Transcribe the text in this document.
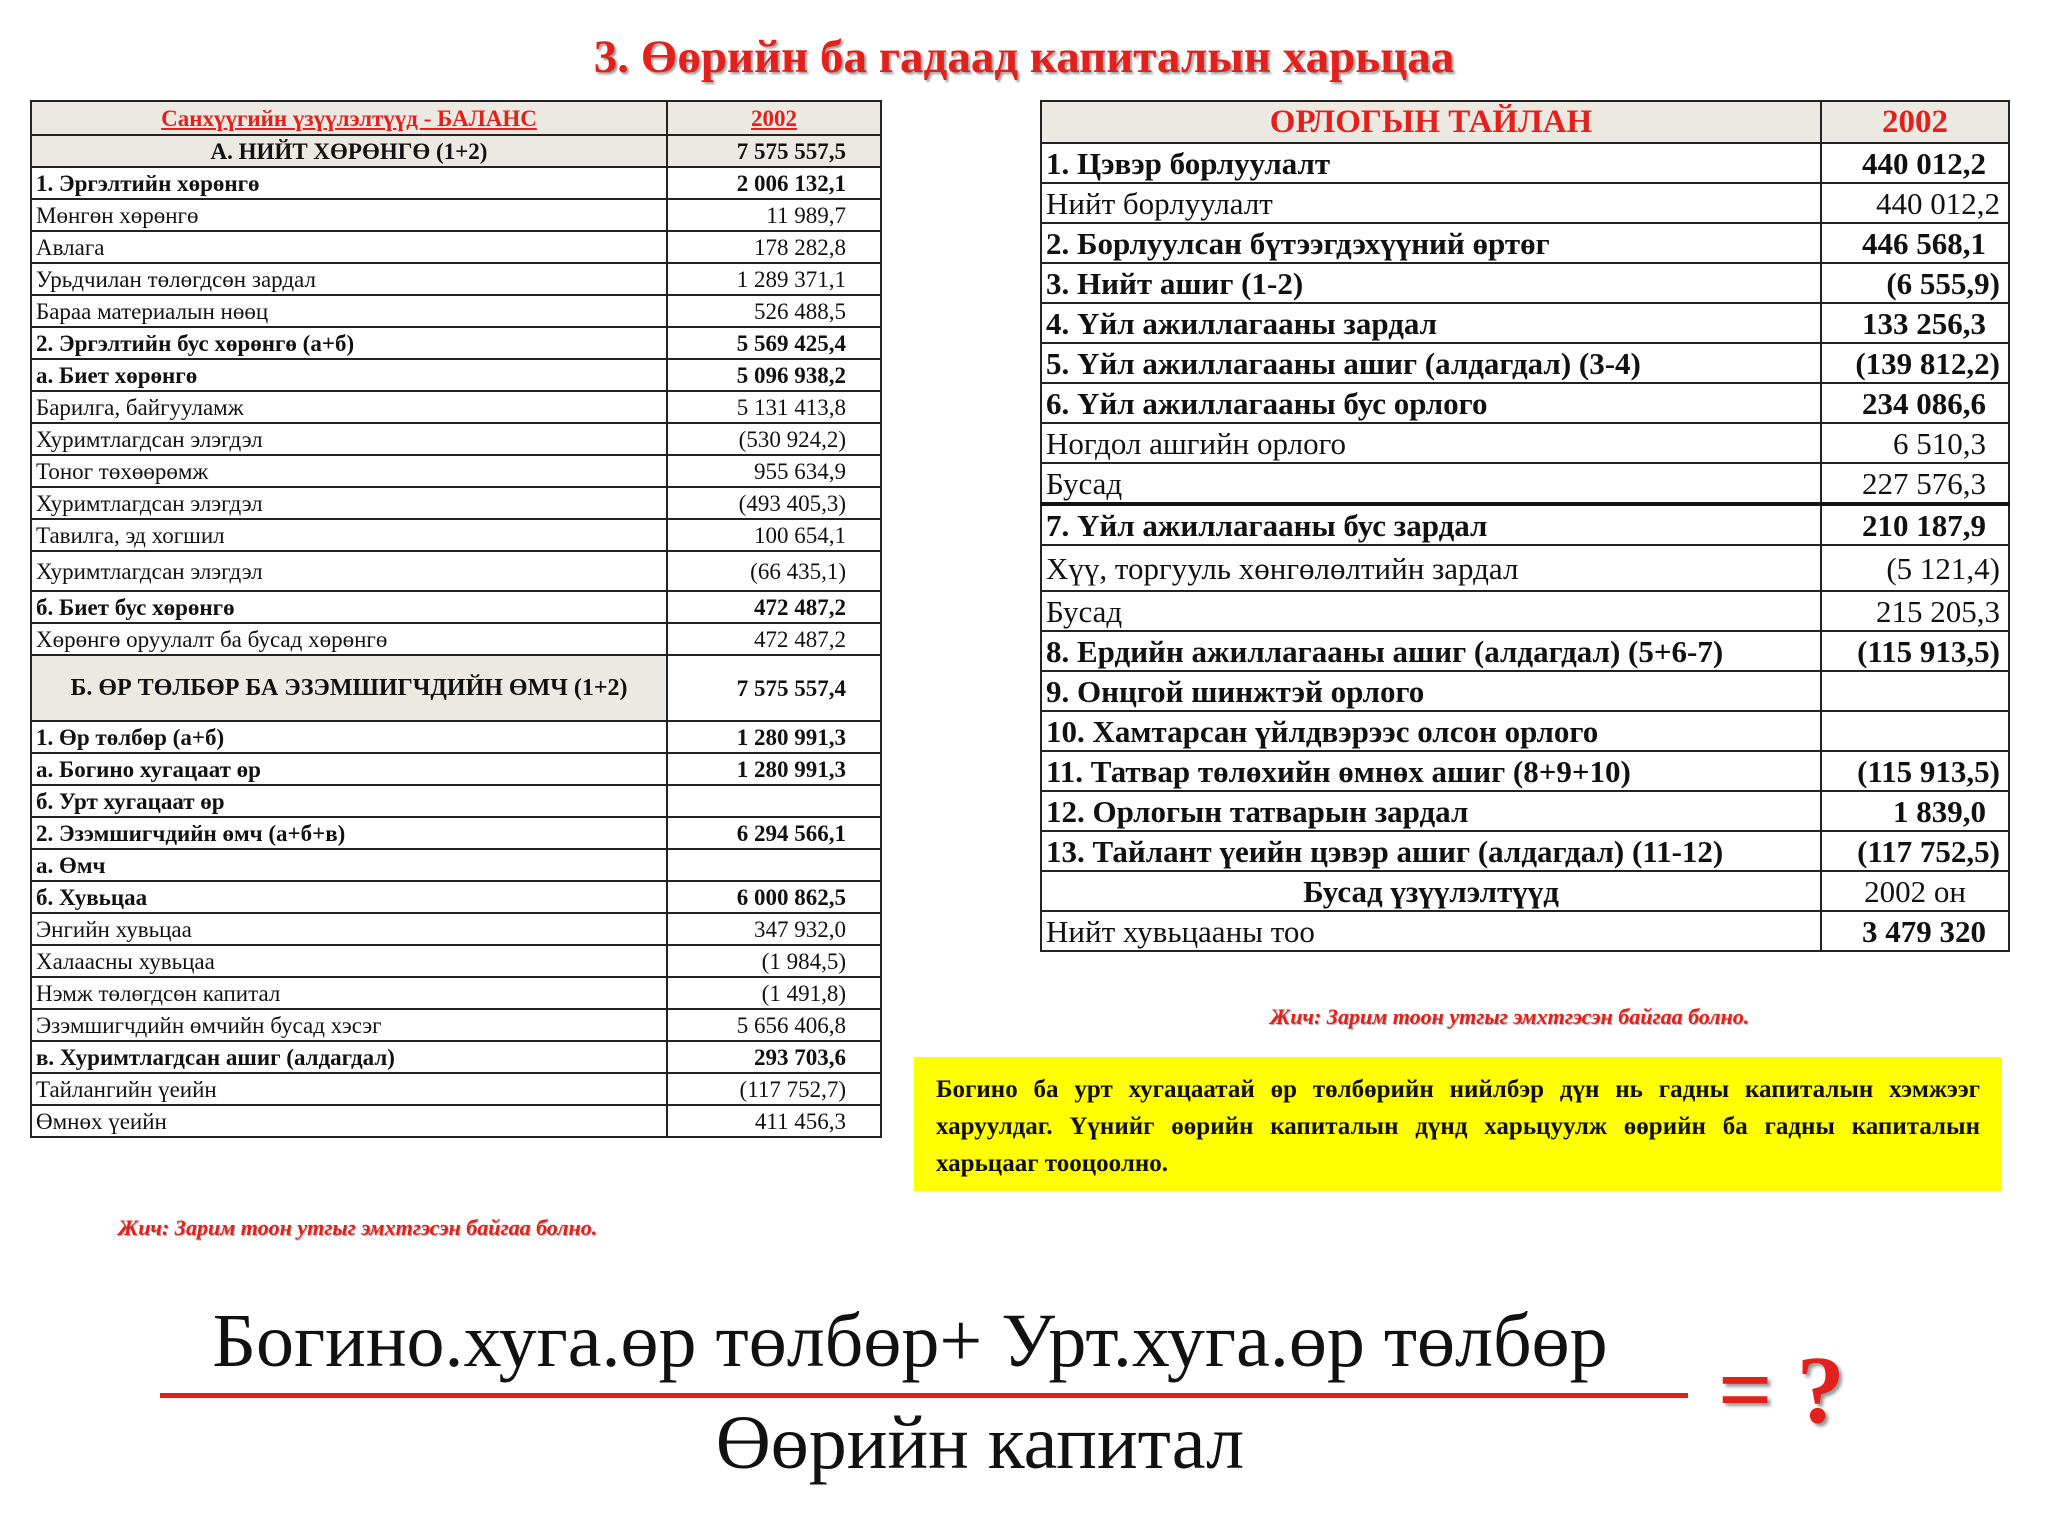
3. Өөрийн ба гадаад капиталын харьцаа
Санхүүгийн үзүүлэлтүүд - БАЛАНС	2002
А. НИЙТ ХӨРӨНГӨ (1+2)	7 575 557,5
1. Эргэлтийн хөрөнгө	2 006 132,1
Мөнгөн хөрөнгө	11 989,7
Авлага	178 282,8
Урьдчилан төлөгдсөн зардал	1 289 371,1
Бараа материалын нөөц	526 488,5
2. Эргэлтийн бус хөрөнгө (а+б)	5 569 425,4
а. Биет хөрөнгө	5 096 938,2
Барилга, байгууламж	5 131 413,8
Хуримтлагдсан элэгдэл	(530 924,2)
Тоног төхөөрөмж	955 634,9
Хуримтлагдсан элэгдэл	(493 405,3)
Тавилга, эд хогшил	100 654,1
Хуримтлагдсан элэгдэл	(66 435,1)
б. Биет бус хөрөнгө	472 487,2
Хөрөнгө оруулалт ба бусад хөрөнгө	472 487,2
Б. ӨР ТӨЛБӨР БА ЭЗЭМШИГЧДИЙН ӨМЧ (1+2)	7 575 557,4
1. Өр төлбөр (а+б)	1 280 991,3
а. Богино хугацаат өр	1 280 991,3
б. Урт хугацаат өр	
2. Эзэмшигчдийн өмч (а+б+в)	6 294 566,1
а. Өмч	
б. Хувьцаа	6 000 862,5
Энгийн хувьцаа	347 932,0
Халаасны хувьцаа	(1 984,5)
Нэмж төлөгдсөн капитал	(1 491,8)
Эзэмшигчдийн өмчийн бусад хэсэг	5 656 406,8
в. Хуримтлагдсан ашиг (алдагдал)	293 703,6
Тайлангийн үеийн	(117 752,7)
Өмнөх үеийн	411 456,3
Жич: Зарим тоон утгыг эмхтгэсэн байгаа болно.
ОРЛОГЫН ТАЙЛАН	2002
1. Цэвэр борлуулалт	440 012,2
Нийт борлуулалт	440 012,2
2. Борлуулсан бүтээгдэхүүний өртөг	446 568,1
3. Нийт ашиг (1-2)	(6 555,9)
4. Үйл ажиллагааны зардал	133 256,3
5. Үйл ажиллагааны ашиг (алдагдал) (3-4)	(139 812,2)
6. Үйл ажиллагааны бус орлого	234 086,6
Ногдол ашгийн орлого	6 510,3
Бусад	227 576,3
7. Үйл ажиллагааны бус зардал	210 187,9
Хүү, торгууль хөнгөлөлтийн зардал	(5 121,4)
Бусад	215 205,3
8. Ердийн ажиллагааны ашиг (алдагдал) (5+6-7)	(115 913,5)
9. Онцгой шинжтэй орлого	
10. Хамтарсан үйлдвэрээс олсон орлого	
11. Татвар төлөхийн өмнөх ашиг (8+9+10)	(115 913,5)
12. Орлогын татварын зардал	1 839,0
13. Тайлант үеийн цэвэр ашиг (алдагдал) (11-12)	(117 752,5)
Бусад үзүүлэлтүүд	2002 он
Нийт хувьцааны тоо	3 479 320
Жич: Зарим тоон утгыг эмхтгэсэн байгаа болно.
Богино ба урт хугацаатай өр төлбөрийн нийлбэр дүн нь гадны капиталын хэмжээг харуулдаг. Үүнийг өөрийн капиталын дүнд харьцуулж өөрийн ба гадны капиталын харьцааг тооцоолно.
Богино.хуга.өр төлбөр+ Урт.хуга.өр төлбөр
Өөрийн капитал	= ?
